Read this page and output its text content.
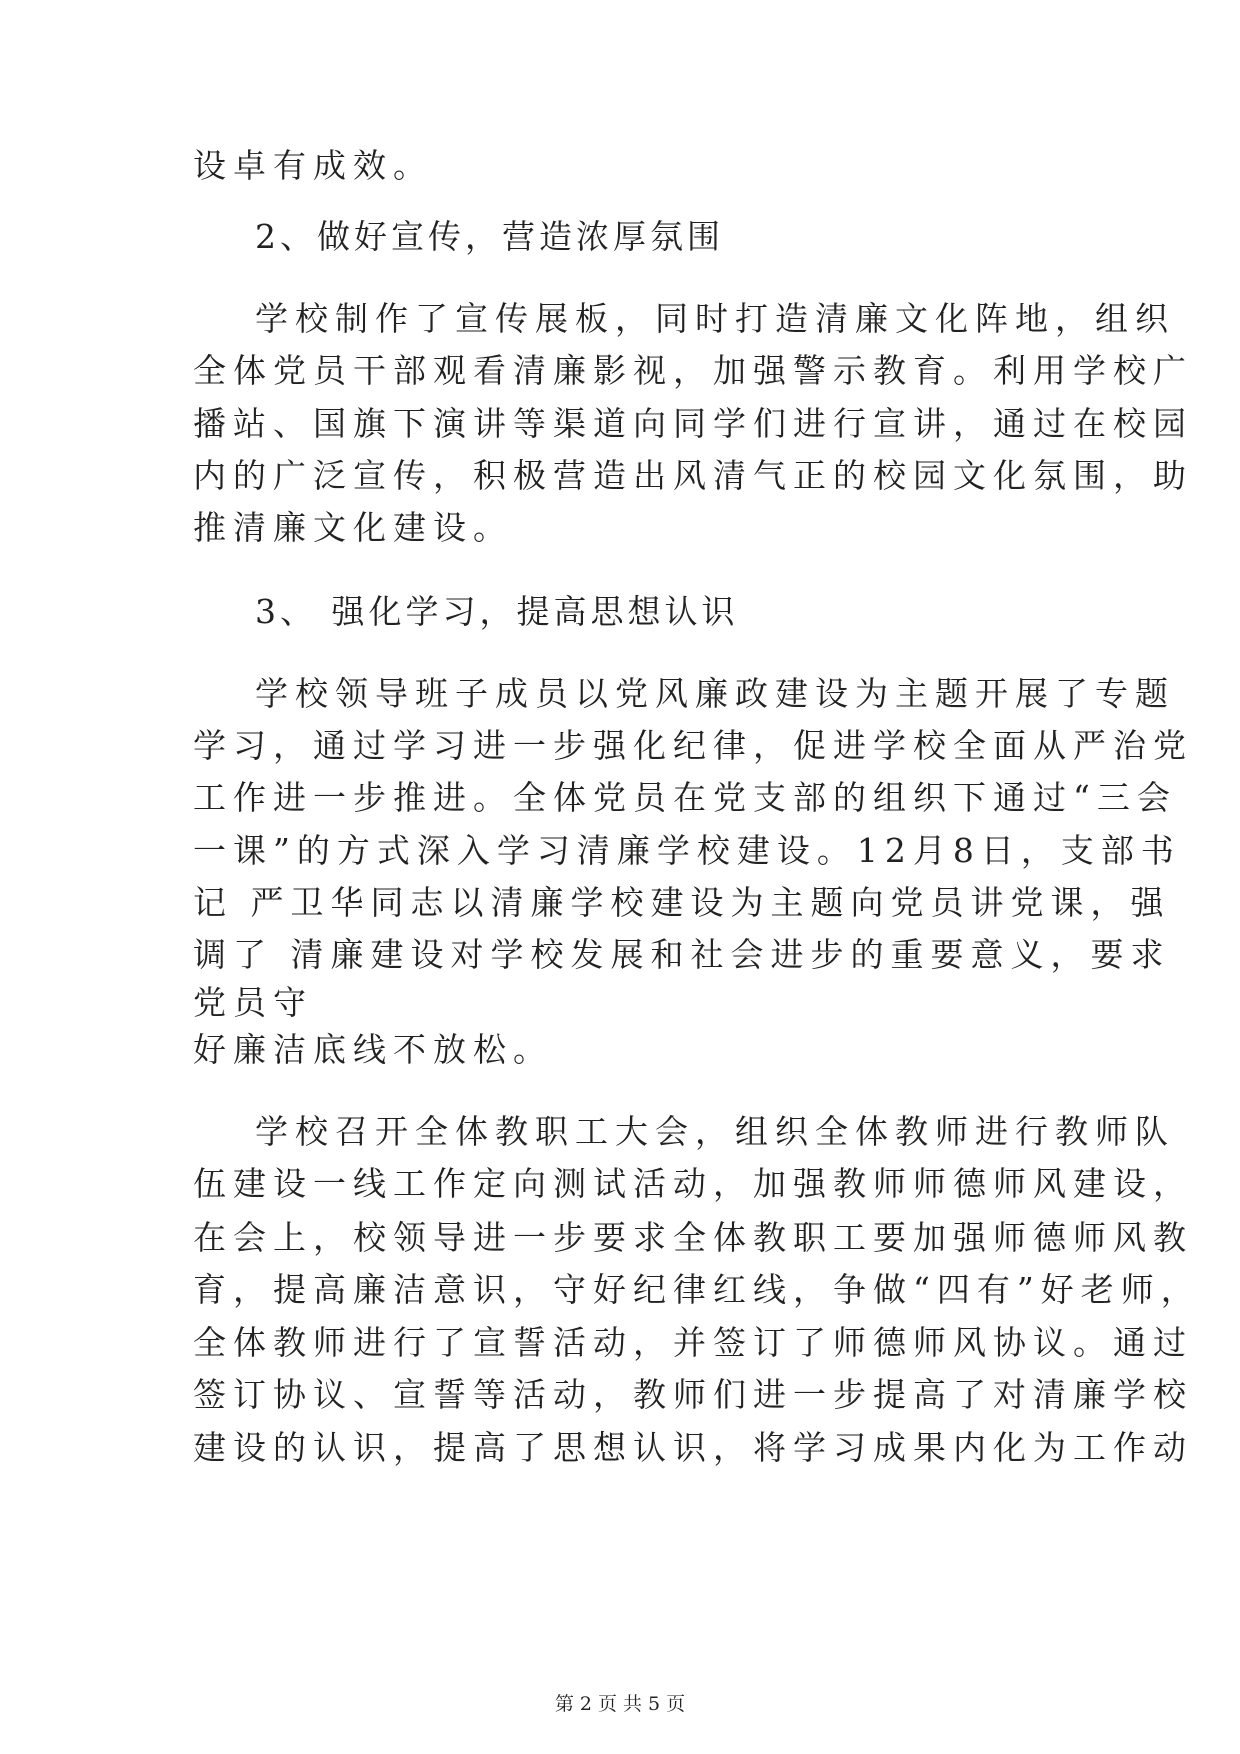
设卓有成效。
2、做好宣传，营造浓厚氛围
学校制作了宣传展板，同时打造清廉文化阵地，组织
全体党员干部观看清廉影视，加强警示教育。利用学校广
播站、国旗下演讲等渠道向同学们进行宣讲，通过在校园
内的广泛宣传，积极营造出风清气正的校园文化氛围，助
推清廉文化建设。
3、 强化学习，提高思想认识
学校领导班子成员以党风廉政建设为主题开展了专题
学习，通过学习进一步强化纪律，促进学校全面从严治党
工作进一步推进。全体党员在党支部的组织下通过“三会
一课”的方式深入学习清廉学校建设。12月8日，支部书
记 严卫华同志以清廉学校建设为主题向党员讲党课，强
调了 清廉建设对学校发展和社会进步的重要意义，要求
党员守
好廉洁底线不放松。
学校召开全体教职工大会，组织全体教师进行教师队
伍建设一线工作定向测试活动，加强教师师德师风建设，
在会上，校领导进一步要求全体教职工要加强师德师风教
育，提高廉洁意识，守好纪律红线，争做“四有”好老师，
全体教师进行了宣誓活动，并签订了师德师风协议。通过
签订协议、宣誓等活动，教师们进一步提高了对清廉学校
建设的认识，提高了思想认识，将学习成果内化为工作动
第 2 页 共 5 页
